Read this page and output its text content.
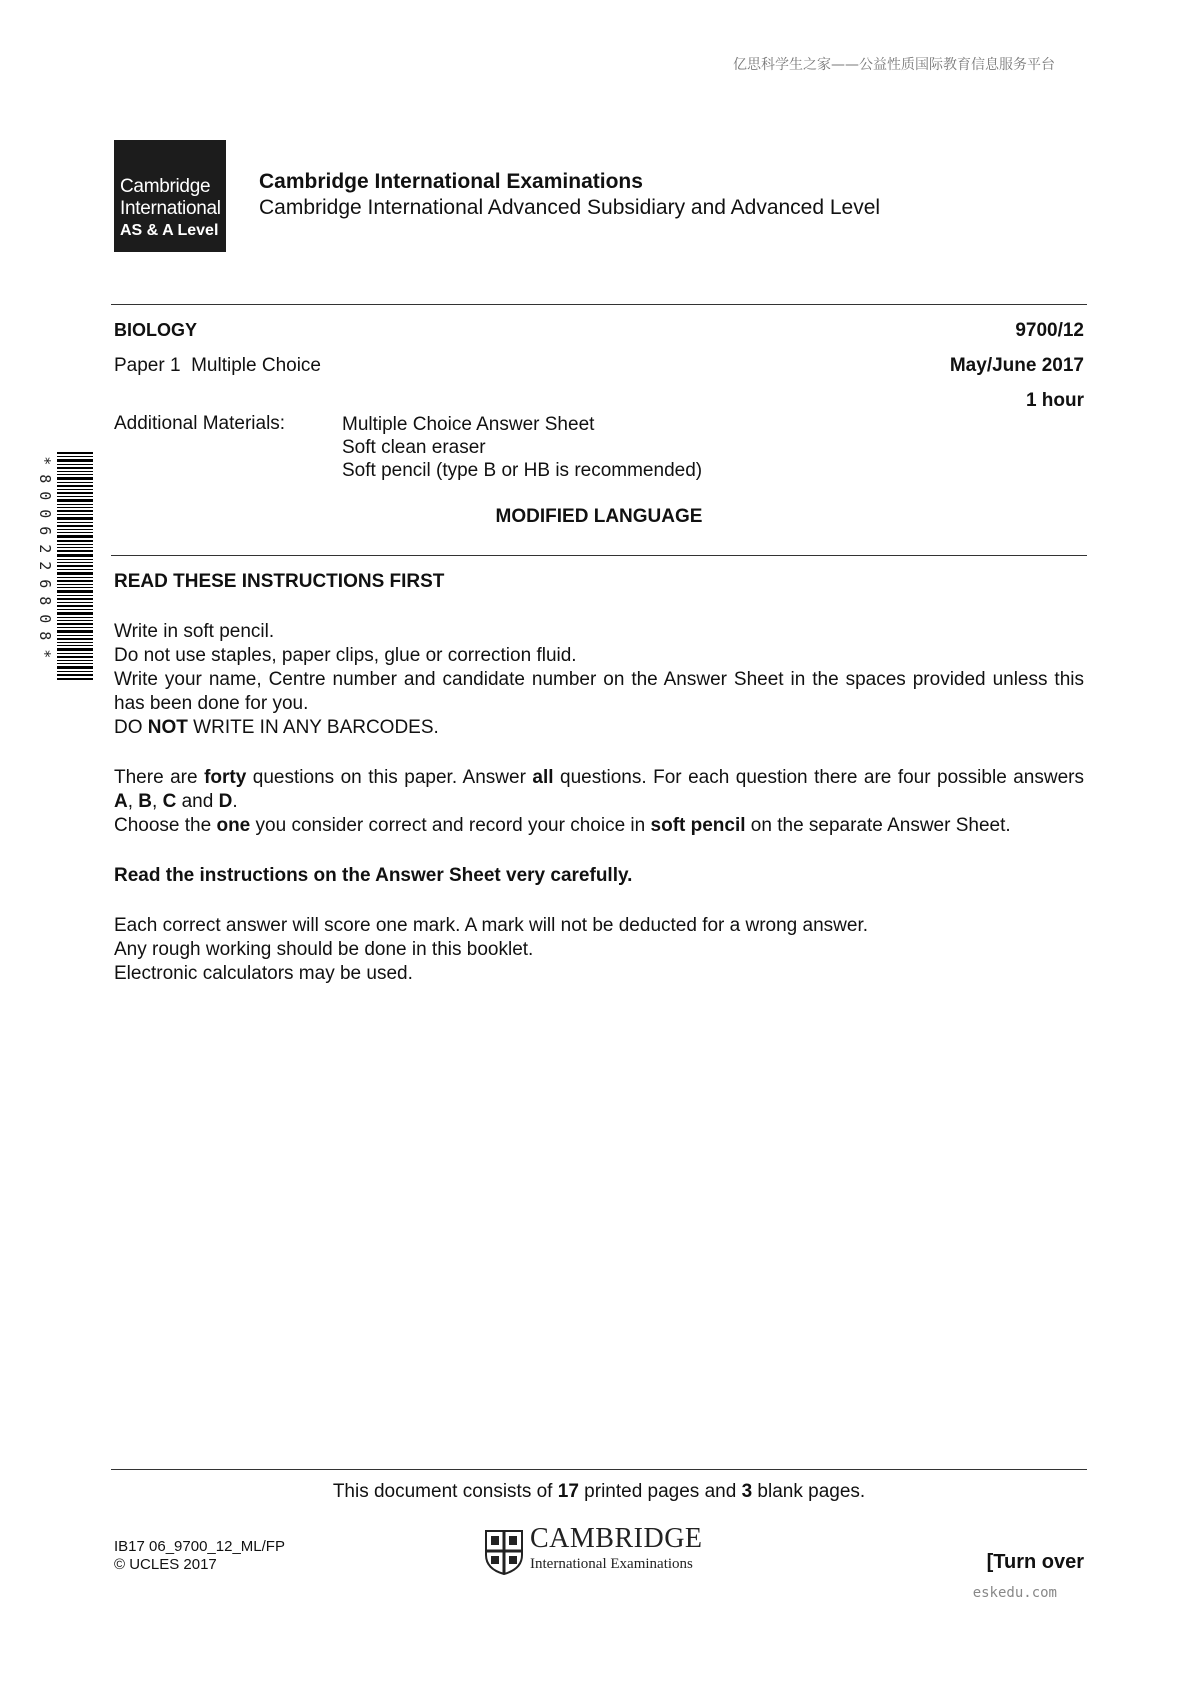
亿思科学生之家——公益性质国际教育信息服务平台
Cambridge
International
AS & A Level
Cambridge International Examinations
Cambridge International Advanced Subsidiary and Advanced Level
BIOLOGY	9700/12
Paper 1  Multiple Choice	May/June 2017
1 hour
Additional Materials:	Multiple Choice Answer Sheet
Soft clean eraser
Soft pencil (type B or HB is recommended)
MODIFIED LANGUAGE
*
8
0
0
6
2
2
6
8
0
8
*

READ THESE INSTRUCTIONS FIRST

Write in soft pencil.

Do not use staples, paper clips, glue or correction fluid.

Write your name, Centre number and candidate number on the Answer Sheet in the spaces provided unless this has been done for you.

DO NOT WRITE IN ANY BARCODES.

There are forty questions on this paper. Answer all questions. For each question there are four possible answers A, B, C and D.

Choose the one you consider correct and record your choice in soft pencil on the separate Answer Sheet.

Read the instructions on the Answer Sheet very carefully.

Each correct answer will score one mark. A mark will not be deducted for a wrong answer.

Any rough working should be done in this booklet.

Electronic calculators may be used.

This document consists of 17 printed pages and 3 blank pages.
IB17 06_9700_12_ML/FP
© UCLES 2017
CAMBRIDGE
International Examinations	[Turn over
eskedu.com
